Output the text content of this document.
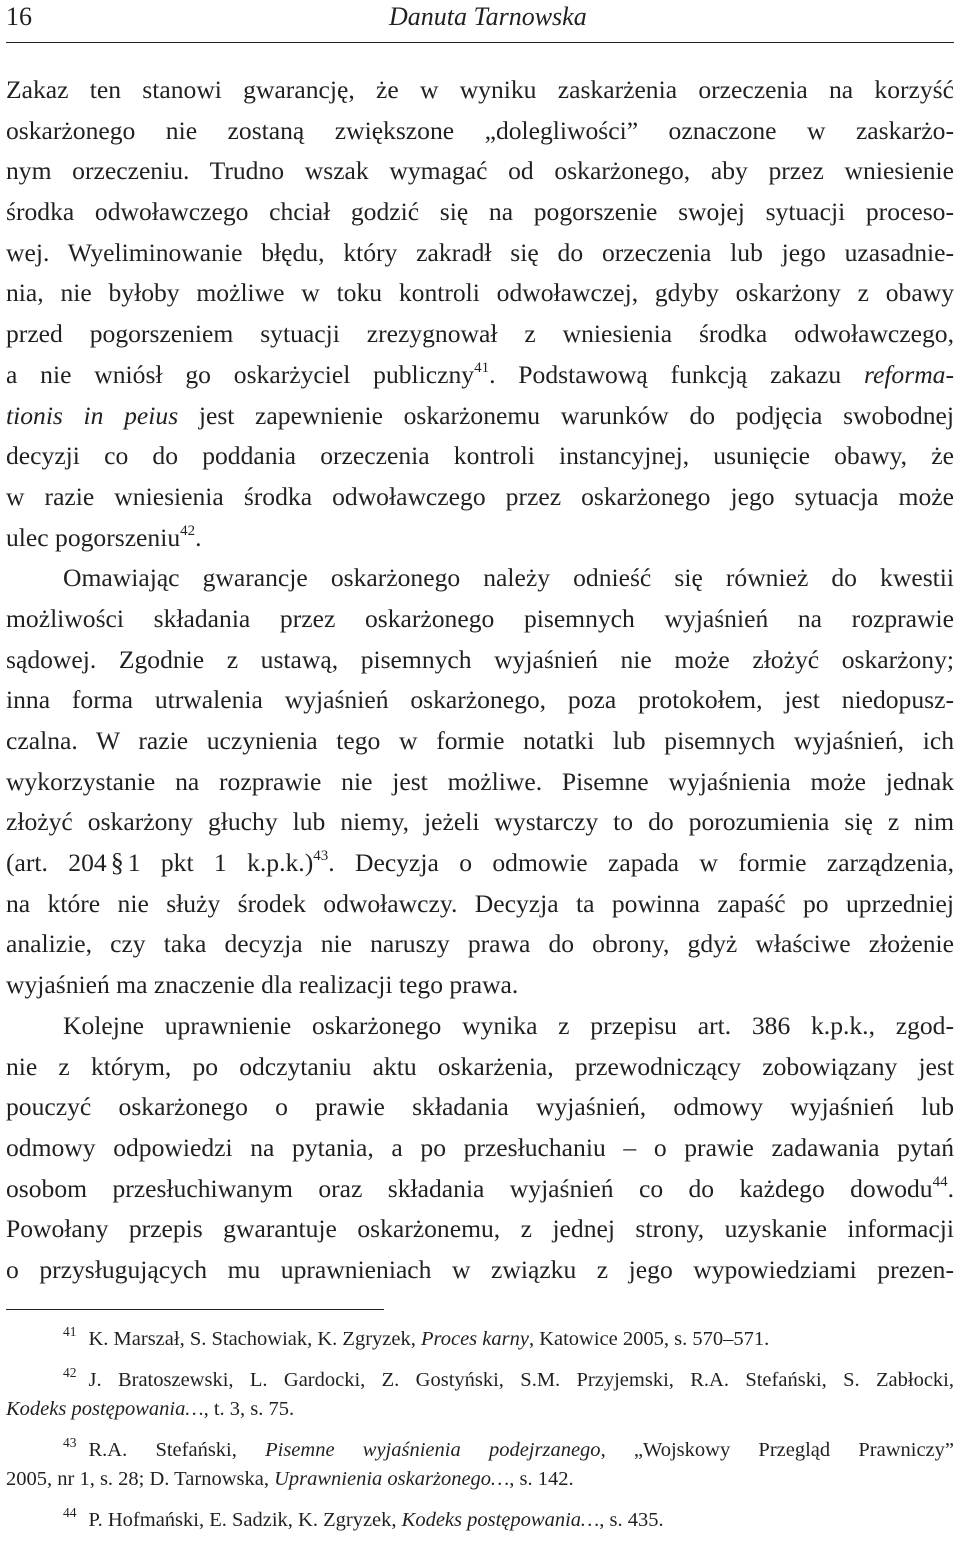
16	Danuta Tarnowska
Zakaz ten stanowi gwarancję, że w wyniku zaskarżenia orzeczenia na korzyść
oskarżonego nie zostaną zwiększone „dolegliwości” oznaczone w zaskarżo-
nym orzeczeniu. Trudno wszak wymagać od oskarżonego, aby przez wniesienie
środka odwoławczego chciał godzić się na pogorszenie swojej sytuacji proceso-
wej. Wyeliminowanie błędu, który zakradł się do orzeczenia lub jego uzasadnie-
nia, nie byłoby możliwe w toku kontroli odwoławczej, gdyby oskarżony z obawy
przed pogorszeniem sytuacji zrezygnował z wniesienia środka odwoławczego,
a nie wniósł go oskarżyciel publiczny$^{41}$. Podstawową funkcją zakazu reforma-
tionis in peius jest zapewnienie oskarżonemu warunków do podjęcia swobodnej
decyzji co do poddania orzeczenia kontroli instancyjnej, usunięcie obawy, że
w razie wniesienia środka odwoławczego przez oskarżonego jego sytuacja może
ulec pogorszeniu$^{42}$.
Omawiając gwarancje oskarżonego należy odnieść się również do kwestii
możliwości składania przez oskarżonego pisemnych wyjaśnień na rozprawie
sądowej. Zgodnie z ustawą, pisemnych wyjaśnień nie może złożyć oskarżony;
inna forma utrwalenia wyjaśnień oskarżonego, poza protokołem, jest niedopusz-
czalna. W razie uczynienia tego w formie notatki lub pisemnych wyjaśnień, ich
wykorzystanie na rozprawie nie jest możliwe. Pisemne wyjaśnienia może jednak
złożyć oskarżony głuchy lub niemy, jeżeli wystarczy to do porozumienia się z nim
(art. 204 § 1 pkt 1 k.p.k.)$^{43}$. Decyzja o odmowie zapada w formie zarządzenia,
na które nie służy środek odwoławczy. Decyzja ta powinna zapaść po uprzedniej
analizie, czy taka decyzja nie naruszy prawa do obrony, gdyż właściwe złożenie
wyjaśnień ma znaczenie dla realizacji tego prawa.
Kolejne uprawnienie oskarżonego wynika z przepisu art. 386 k.p.k., zgod-
nie z którym, po odczytaniu aktu oskarżenia, przewodniczący zobowiązany jest
pouczyć oskarżonego o prawie składania wyjaśnień, odmowy wyjaśnień lub
odmowy odpowiedzi na pytania, a po przesłuchaniu – o prawie zadawania pytań
osobom przesłuchiwanym oraz składania wyjaśnień co do każdego dowodu$^{44}$.
Powołany przepis gwarantuje oskarżonemu, z jednej strony, uzyskanie informacji
o przysługujących mu uprawnieniach w związku z jego wypowiedziami prezen-
$^{41}$ K. Marszał, S. Stachowiak, K. Zgryzek, Proces karny, Katowice 2005, s. 570–571.
$^{42}$ J. Bratoszewski, L. Gardocki, Z. Gostyński, S.M. Przyjemski, R.A. Stefański, S. Zabłocki,
Kodeks postępowania…, t. 3, s. 75.
$^{43}$ R.A. Stefański, Pisemne wyjaśnienia podejrzanego, „Wojskowy Przegląd Prawniczy”
2005, nr 1, s. 28; D. Tarnowska, Uprawnienia oskarżonego…, s. 142.
$^{44}$ P. Hofmański, E. Sadzik, K. Zgryzek, Kodeks postępowania…, s. 435.
